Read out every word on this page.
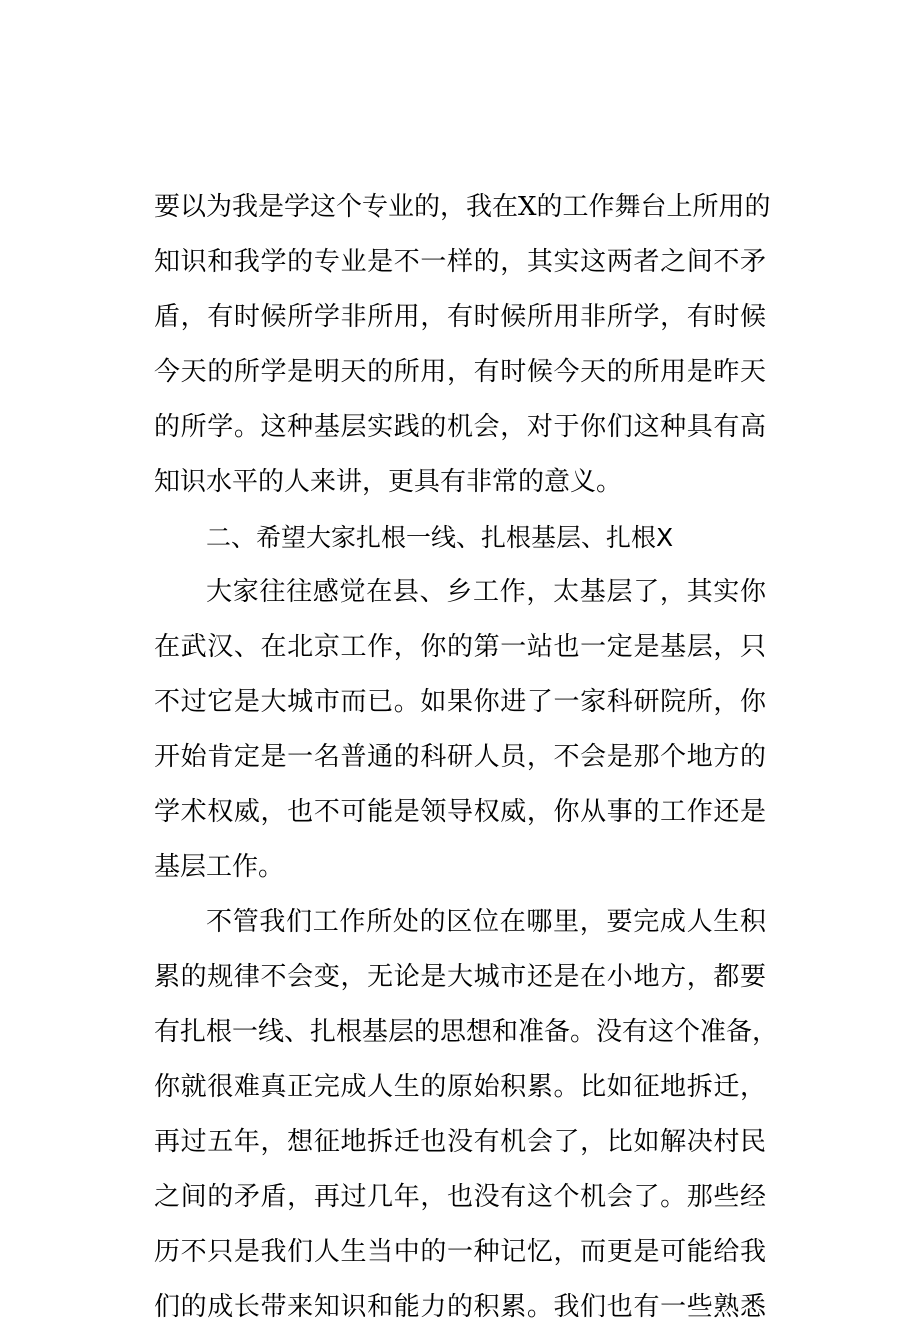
要以为我是学这个专业的，我在X的工作舞台上所用的
知识和我学的专业是不一样的，其实这两者之间不矛
盾，有时候所学非所用，有时候所用非所学，有时候
今天的所学是明天的所用，有时候今天的所用是昨天
的所学。这种基层实践的机会，对于你们这种具有高
知识水平的人来讲，更具有非常的意义。
二、希望大家扎根一线、扎根基层、扎根X
大家往往感觉在县、乡工作，太基层了，其实你
在武汉、在北京工作，你的第一站也一定是基层，只
不过它是大城市而已。如果你进了一家科研院所，你
开始肯定是一名普通的科研人员，不会是那个地方的
学术权威，也不可能是领导权威，你从事的工作还是
基层工作。
不管我们工作所处的区位在哪里，要完成人生积
累的规律不会变，无论是大城市还是在小地方，都要
有扎根一线、扎根基层的思想和准备。没有这个准备，
你就很难真正完成人生的原始积累。比如征地拆迁，
再过五年，想征地拆迁也没有机会了，比如解决村民
之间的矛盾，再过几年，也没有这个机会了。那些经
历不只是我们人生当中的一种记忆，而更是可能给我
们的成长带来知识和能力的积累。我们也有一些熟悉
